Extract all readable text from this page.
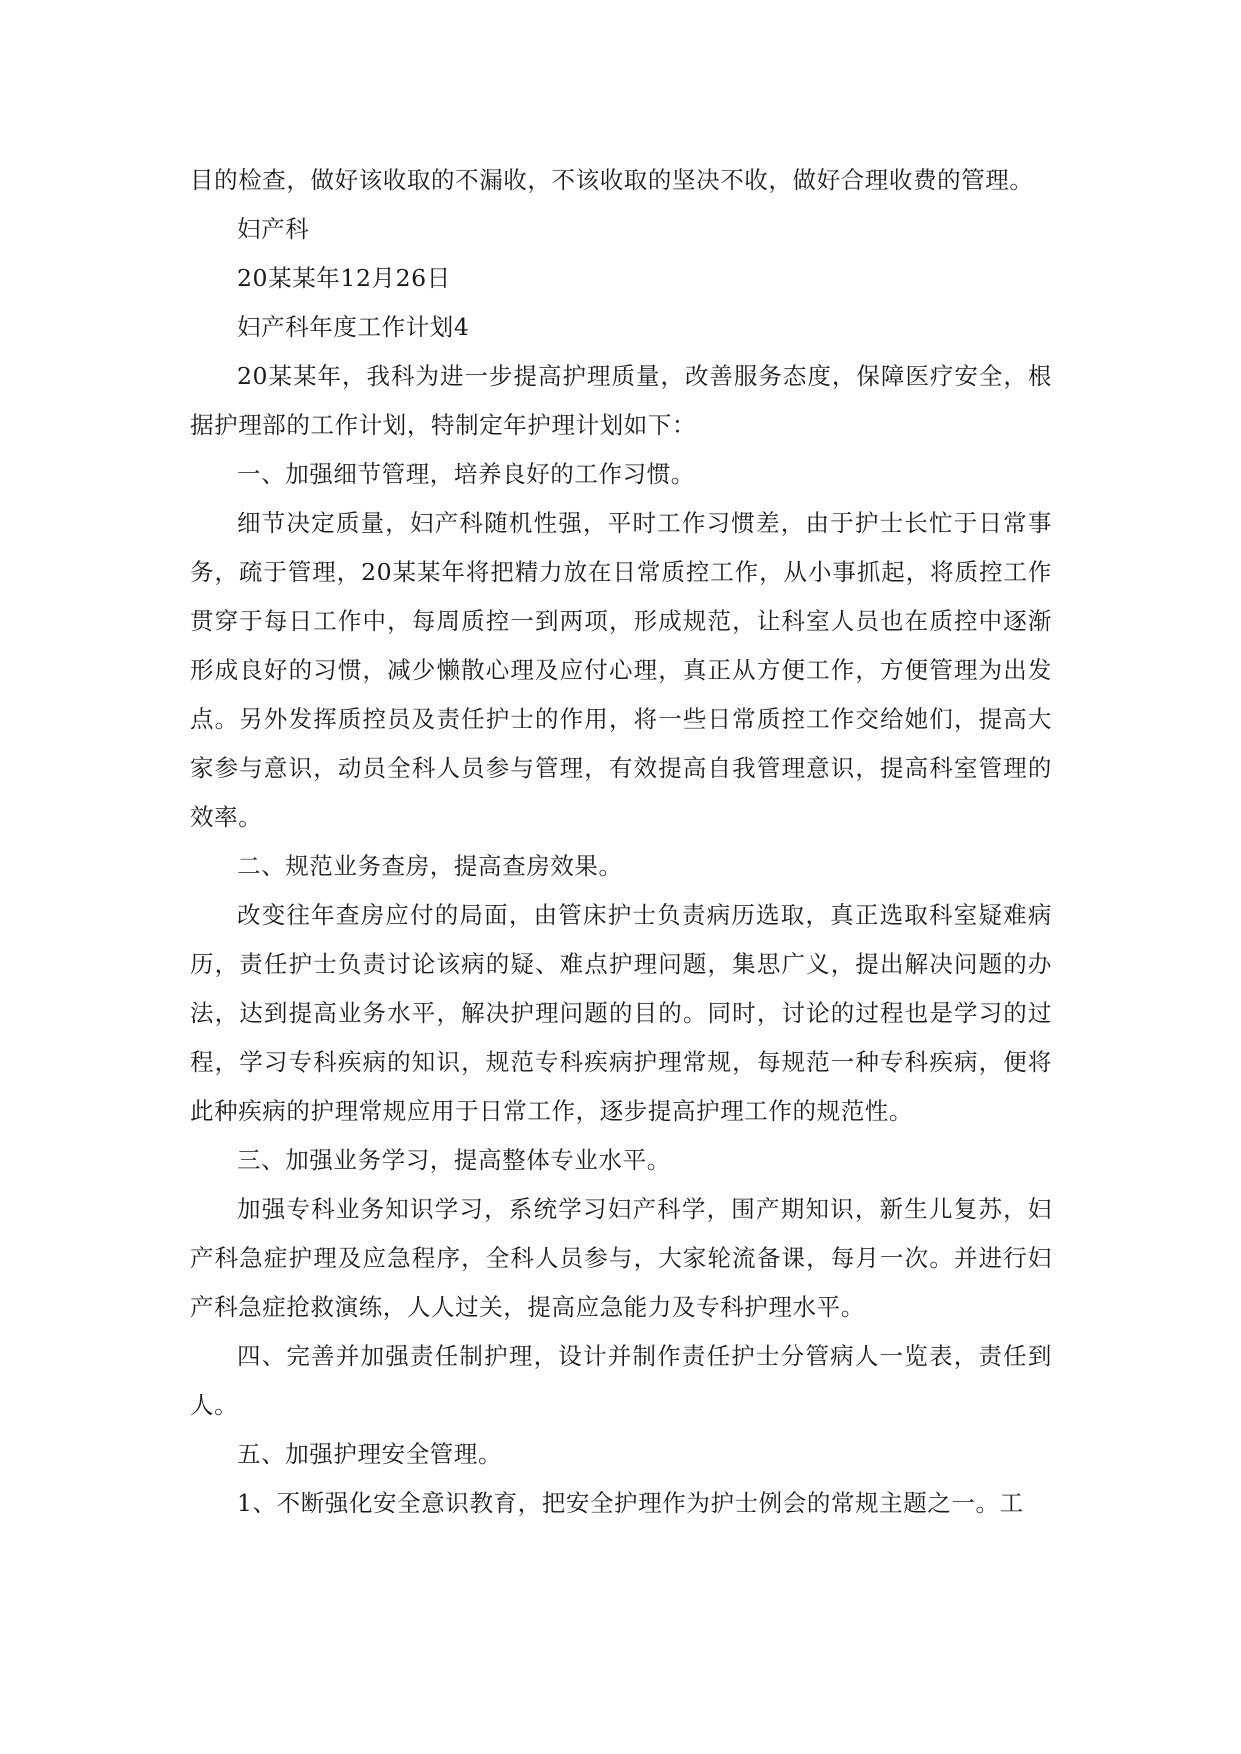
目的检查，做好该收取的不漏收，不该收取的坚决不收，做好合理收费的管理。

妇产科

20某某年12月26日

妇产科年度工作计划4

20某某年，我科为进一步提高护理质量，改善服务态度，保障医疗安全，根据护理部的工作计划，特制定年护理计划如下：

一、加强细节管理，培养良好的工作习惯。

细节决定质量，妇产科随机性强，平时工作习惯差，由于护士长忙于日常事务，疏于管理，20某某年将把精力放在日常质控工作，从小事抓起，将质控工作贯穿于每日工作中，每周质控一到两项，形成规范，让科室人员也在质控中逐渐形成良好的习惯，减少懒散心理及应付心理，真正从方便工作，方便管理为出发点。另外发挥质控员及责任护士的作用，将一些日常质控工作交给她们，提高大家参与意识，动员全科人员参与管理，有效提高自我管理意识，提高科室管理的效率。

二、规范业务查房，提高查房效果。

改变往年查房应付的局面，由管床护士负责病历选取，真正选取科室疑难病历，责任护士负责讨论该病的疑、难点护理问题，集思广义，提出解决问题的办法，达到提高业务水平，解决护理问题的目的。同时，讨论的过程也是学习的过程，学习专科疾病的知识，规范专科疾病护理常规，每规范一种专科疾病，便将此种疾病的护理常规应用于日常工作，逐步提高护理工作的规范性。

三、加强业务学习，提高整体专业水平。

加强专科业务知识学习，系统学习妇产科学，围产期知识，新生儿复苏，妇产科急症护理及应急程序，全科人员参与，大家轮流备课，每月一次。并进行妇产科急症抢救演练，人人过关，提高应急能力及专科护理水平。

四、完善并加强责任制护理，设计并制作责任护士分管病人一览表，责任到人。

五、加强护理安全管理。

1、不断强化安全意识教育，把安全护理作为护士例会的常规主题之一。工
